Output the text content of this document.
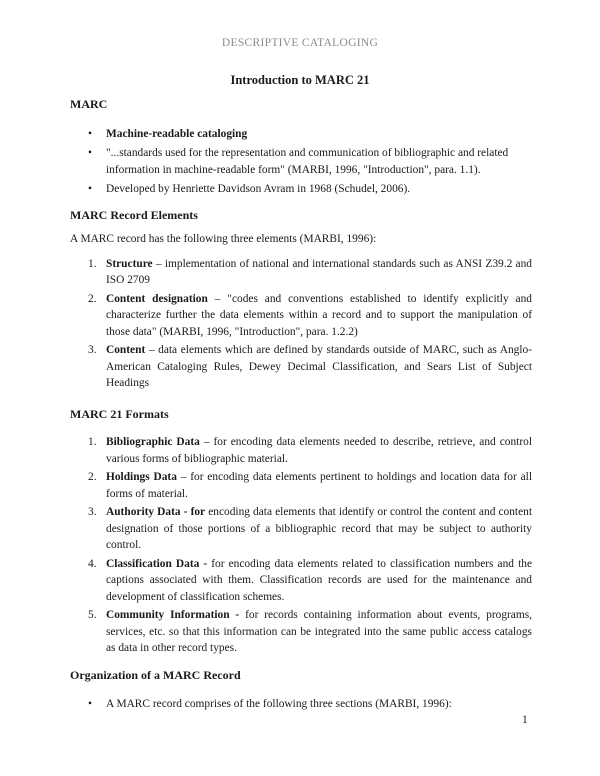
DESCRIPTIVE CATALOGING
Introduction to MARC 21

MARC

• Machine-readable cataloging
• "...standards used for the representation and communication of bibliographic and related information in machine-readable form" (MARBI, 1996, "Introduction", para. 1.1).
• Developed by Henriette Davidson Avram in 1968 (Schudel, 2006).

MARC Record Elements

A MARC record has the following three elements (MARBI, 1996):

1. Structure – implementation of national and international standards such as ANSI Z39.2 and ISO 2709
2. Content designation – "codes and conventions established to identify explicitly and characterize further the data elements within a record and to support the manipulation of those data" (MARBI, 1996, "Introduction", para. 1.2.2)
3. Content – data elements which are defined by standards outside of MARC, such as Anglo-American Cataloging Rules, Dewey Decimal Classification, and Sears List of Subject Headings

MARC 21 Formats

1. Bibliographic Data – for encoding data elements needed to describe, retrieve, and control various forms of bibliographic material.
2. Holdings Data – for encoding data elements pertinent to holdings and location data for all forms of material.
3. Authority Data - for encoding data elements that identify or control the content and content designation of those portions of a bibliographic record that may be subject to authority control.
4. Classification Data - for encoding data elements related to classification numbers and the captions associated with them. Classification records are used for the maintenance and development of classification schemes.
5. Community Information - for records containing information about events, programs, services, etc. so that this information can be integrated into the same public access catalogs as data in other record types.

Organization of a MARC Record

• A MARC record comprises of the following three sections (MARBI, 1996):
1
